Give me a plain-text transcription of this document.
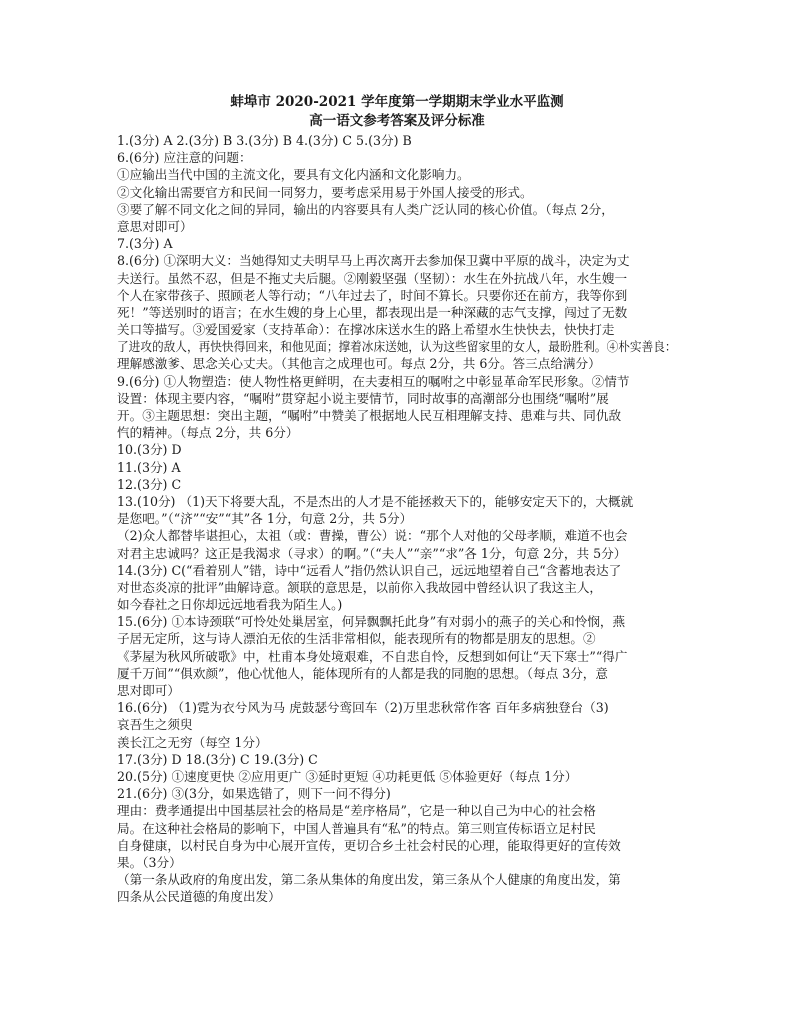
蚌埠市 2020-2021 学年度第一学期期末学业水平监测
高一语文参考答案及评分标准
1.(3分) A 2.(3分) B 3.(3分) B 4.(3分) C 5.(3分) B
6.(6分) 应注意的问题：
①应输出当代中国的主流文化，要具有文化内涵和文化影响力。
②文化输出需要官方和民间一同努力，要考虑采用易于外国人接受的形式。
③要了解不同文化之间的异同，输出的内容要具有人类广泛认同的核心价值。（每点 2分，
意思对即可）
7.(3分) A
8.(6分) ①深明大义：当她得知丈夫明早马上再次离开去参加保卫冀中平原的战斗，决定为丈
夫送行。虽然不忍，但是不拖丈夫后腿。②刚毅坚强（坚韧）：水生在外抗战八年，水生嫂一
个人在家带孩子、照顾老人等行动；“八年过去了，时间不算长。只要你还在前方，我等你到
死！”等送别时的语言；在水生嫂的身上心里，都表现出是一种深藏的志气支撑，闯过了无数
关口等描写。③爱国爱家（支持革命）：在撑冰床送水生的路上希望水生快快去，快快打走
了进攻的敌人，再快快得回来，和他见面；撑着冰床送她，认为这些留家里的女人，最盼胜利。④朴实善良：
理解感激爹、思念关心丈夫。（其他言之成理也可。每点 2分，共 6分。答三点给满分）
9.(6分) ①人物塑造：使人物性格更鲜明，在夫妻相互的嘱咐之中彰显革命军民形象。②情节
设置：体现主要内容，“嘱咐”贯穿起小说主要情节，同时故事的高潮部分也围绕“嘱咐”展
开。③主题思想：突出主题，“嘱咐”中赞美了根据地人民互相理解支持、患难与共、同仇敌
忾的精神。（每点 2分，共 6分）
10.(3分) D
11.(3分) A
12.(3分) C
13.(10分) （1)天下将要大乱，不是杰出的人才是不能拯救天下的，能够安定天下的，大概就
是您吧。”（“济”“安”“其”各 1分，句意 2分，共 5分）
（2)众人都替毕谌担心，太祖（或：曹操，曹公）说：“那个人对他的父母孝顺，难道不也会
对君主忠诚吗？这正是我渴求（寻求）的啊。”（“夫人”“亲”“求”各 1分，句意 2分，共 5分）
14.(3分) C(“看着别人”错，诗中“远看人”指仍然认识自己，远远地望着自己“含蓄地表达了
对世态炎凉的批评”曲解诗意。颔联的意思是，以前你入我故园中曾经认识了我这主人，
如今春社之日你却远远地看我为陌生人。)
15.(6分) ①本诗颈联“可怜处处巢居室，何异飘飘托此身”有对弱小的燕子的关心和怜悯，燕
子居无定所，这与诗人漂泊无依的生活非常相似，能表现所有的物都是朋友的思想。②
《茅屋为秋风所破歌》中，杜甫本身处境艰难，不自悲自怜，反想到如何让“天下寒士”“得广
厦千万间”“俱欢颜”，他心忧他人，能体现所有的人都是我的同胞的思想。（每点 3分，意
思对即可）
16.(6分) （1)霓为衣兮风为马 虎鼓瑟兮鸾回车（2)万里悲秋常作客 百年多病独登台（3)
哀吾生之须臾
羡长江之无穷（每空 1分）
17.(3分) D 18.(3分) C 19.(3分) C
20.(5分) ①速度更快 ②应用更广 ③延时更短 ④功耗更低 ⑤体验更好（每点 1分）
21.(6分) ③(3分，如果选错了，则下一问不得分)
理由：费孝通提出中国基层社会的格局是“差序格局”，它是一种以自己为中心的社会格
局。在这种社会格局的影响下，中国人普遍具有“私”的特点。第三则宣传标语立足村民
自身健康，以村民自身为中心展开宣传，更切合乡土社会村民的心理，能取得更好的宣传效
果。（3分）
（第一条从政府的角度出发，第二条从集体的角度出发，第三条从个人健康的角度出发，第
四条从公民道德的角度出发）
